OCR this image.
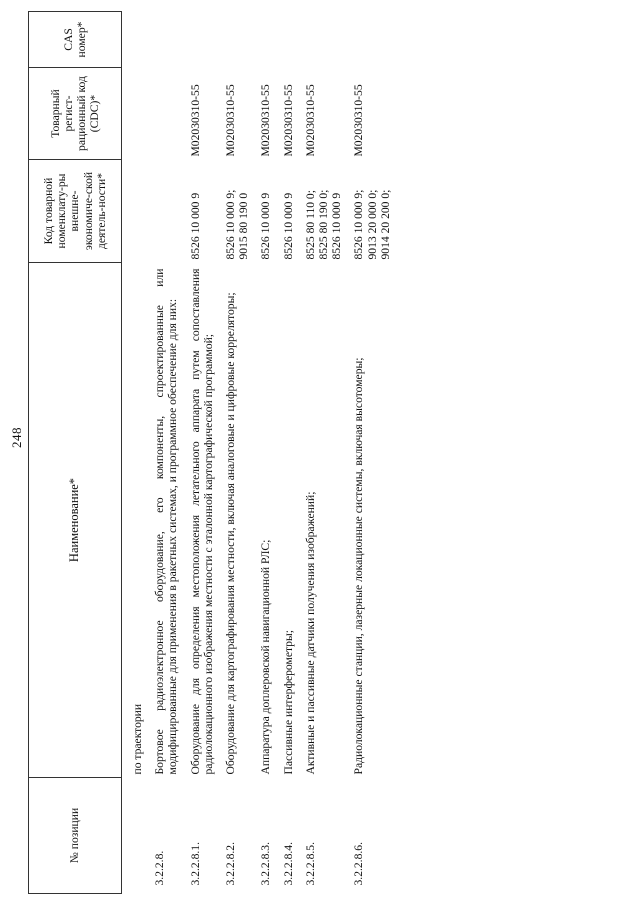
248
№ позиции	Наименование*	Код товарной номенклату-ры внешне-экономиче-ской деятель-ности*	Товарный регист-рационный код (CDC)*	CAS номер*

	по траектории			

3.2.2.8.	Бортовое радиоэлектронное оборудование, его компоненты, спроектированные или модифицированные для применения в ракетных системах, и программное обеспечение для них:			

3.2.2.8.1.	Оборудование для определения местоположения летательного аппарата путем сопоставления радиолокационного изображения местности с эталонной картографической программой;	8526 10 000 9	M02030310-55	

3.2.2.8.2.	Оборудование для картографирования местности, включая аналоговые и цифровые корреляторы;	8526 10 000 9;
9015 80 190 0	M02030310-55	

3.2.2.8.3.	Аппаратура доплеровской навигационной РЛС;	8526 10 000 9	M02030310-55	

3.2.2.8.4.	Пассивные интерферометры;	8526 10 000 9	M02030310-55	

3.2.2.8.5.	Активные и пассивные датчики получения изображений;	8525 80 110 0;
8525 80 190 0;
8526 10 000 9	M02030310-55	

3.2.2.8.6.	Радиолокационные станции, лазерные локационные системы, включая высотомеры;	8526 10 000 9;
9013 20 000 0;
9014 20 200 0;	M02030310-55	
